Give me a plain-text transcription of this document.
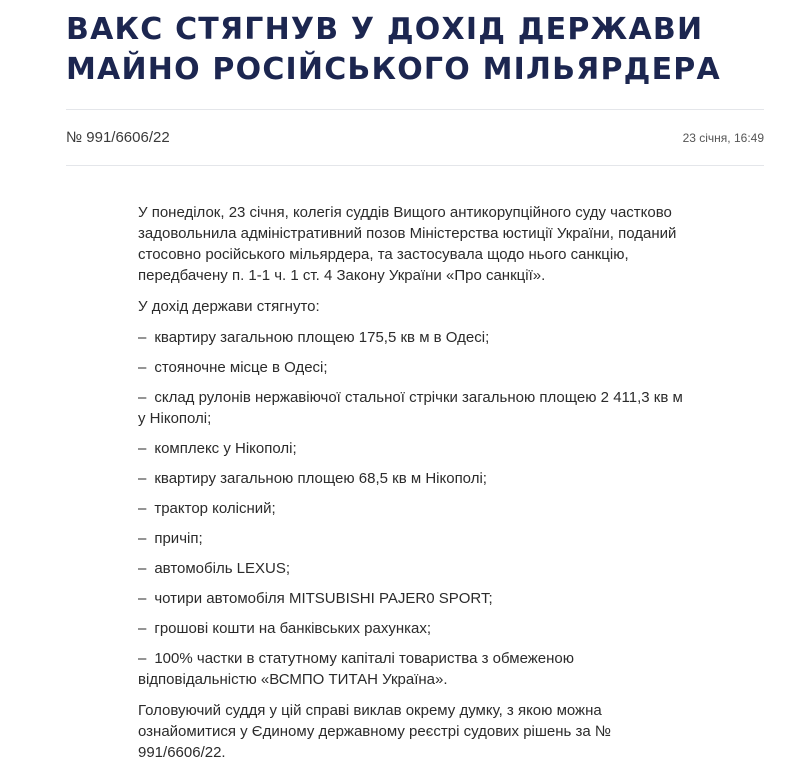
ВАКС СТЯГНУВ У ДОХІД ДЕРЖАВИ МАЙНО РОСІЙСЬКОГО МІЛЬЯРДЕРА
№ 991/6606/22	23 січня, 16:49

У понеділок, 23 січня, колегія суддів Вищого антикорупційного суду частково задовольнила адміністративний позов Міністерства юстиції України, поданий стосовно російського мільярдера, та застосувала щодо нього санкцію, передбачену п. 1-1 ч. 1 ст. 4 Закону України «Про санкції».

У дохід держави стягнуто:

– квартиру загальною площею 175,5 кв м в Одесі;
– стояночне місце в Одесі;
– склад рулонів нержавіючої стальної стрічки загальною площею 2 411,3 кв м у Нікополі;
– комплекс у Нікополі;
– квартиру загальною площею 68,5 кв м Нікополі;
– трактор колісний;
– причіп;
– автомобіль LEXUS;
– чотири автомобіля MITSUBISHI PAJER0 SPORT;
– грошові кошти на банківських рахунках;
– 100% частки в статутному капіталі товариства з обмеженою відповідальністю «ВСМПО ТИТАН Україна».

Головуючий суддя у цій справі виклав окрему думку, з якою можна ознайомитися у Єдиному державному реєстрі судових рішень за № 991/6606/22.
